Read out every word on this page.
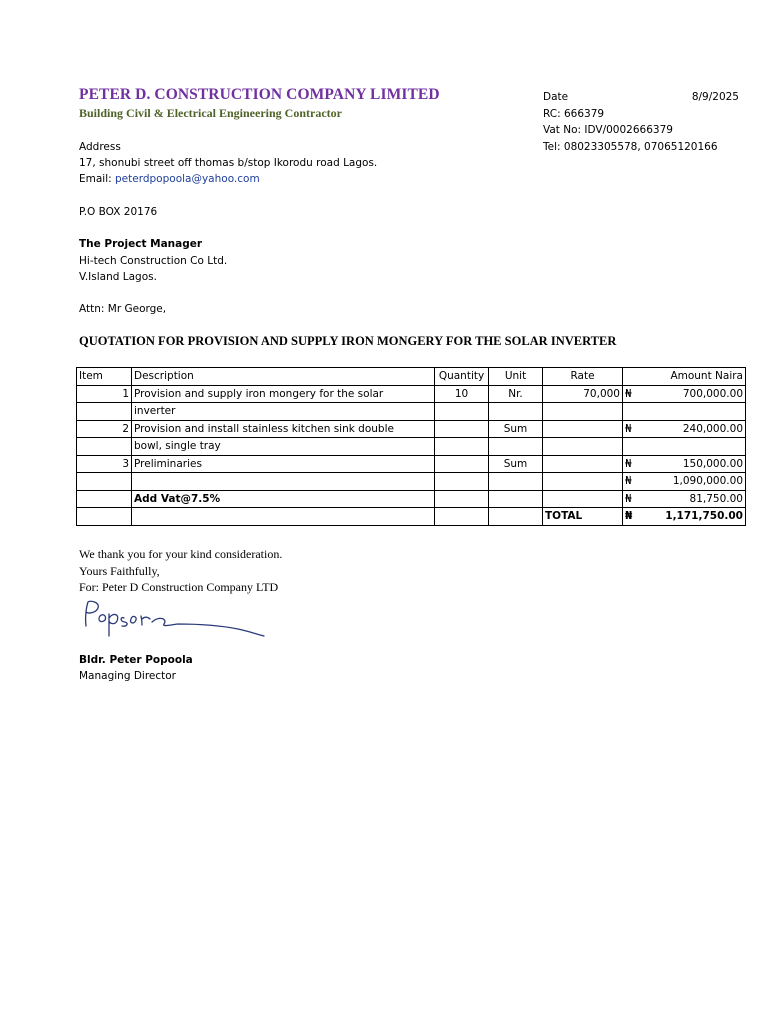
PETER D. CONSTRUCTION COMPANY LIMITED
Building Civil & Electrical Engineering Contractor
Date	8/9/2025
RC: 666379
Vat No: IDV/0002666379
Tel: 08023305578, 07065120166
Address
17, shonubi street off thomas b/stop Ikorodu road Lagos.
Email: peterdpopoola@yahoo.com
P.O BOX 20176
The Project Manager
Hi-tech Construction Co Ltd.
V.Island Lagos.
Attn: Mr George,
QUOTATION FOR PROVISION AND SUPPLY IRON MONGERY FOR THE SOLAR INVERTER
Item	Description	Quantity	Unit	Rate		Amount Naira
1	Provision and supply iron mongery for the solar	10	Nr.	70,000	₦	700,000.00
	inverter					
2	Provision and install stainless kitchen sink double		Sum		₦	240,000.00
	bowl, single tray					
3	Preliminaries		Sum		₦	150,000.00
					₦	1,090,000.00
	Add Vat@7.5%				₦	81,750.00
				TOTAL	₦	1,171,750.00
We thank you for your kind consideration.
Yours Faithfully,
For: Peter D Construction Company LTD
Bldr. Peter Popoola
Managing Director
